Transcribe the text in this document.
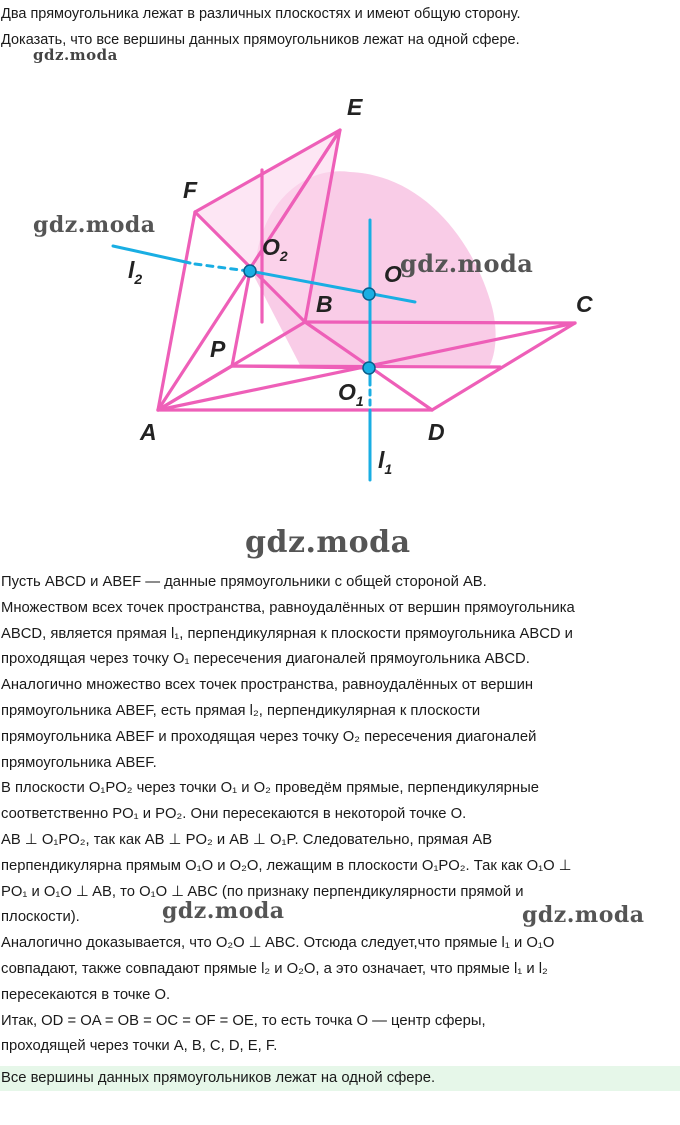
Два прямоугольника лежат в различных плоскостях и имеют общую сторону.

Доказать, что все вершины данных прямоугольников лежат на одной сфере.

gdz.moda
E
F
$O_2$
$l_2$	O
B	C
P
$O_1$
A	D
$l_1$
gdz.moda
gdz.moda
gdz.moda
Пусть ABCD и ABEF — данные прямоугольники с общей стороной AB.
Множеством всех точек пространства, равноудалённых от вершин прямоугольника
ABCD, является прямая l₁, перпендикулярная к плоскости прямоугольника ABCD и
проходящая через точку O₁ пересечения диагоналей прямоугольника ABCD.
Аналогично множество всех точек пространства, равноудалённых от вершин
прямоугольника ABEF, есть прямая l₂, перпендикулярная к плоскости
прямоугольника ABEF и проходящая через точку O₂ пересечения диагоналей
прямоугольника ABEF.
В плоскости O₁PO₂ через точки O₁ и O₂ проведём прямые, перпендикулярные
соответственно PO₁ и PO₂. Они пересекаются в некоторой точке O.
AB ⊥ O₁PO₂, так как AB ⊥ PO₂ и AB ⊥ O₁P. Следовательно, прямая AB
перпендикулярна прямым O₁O и O₂O, лежащим в плоскости O₁PO₂. Так как O₁O ⊥
PO₁ и O₁O ⊥ AB, то O₁O ⊥ ABC (по признаку перпендикулярности прямой и
плоскости).
Аналогично доказывается, что O₂O ⊥ ABC. Отсюда следует,что прямые l₁ и O₁O
совпадают, также совпадают прямые l₂ и O₂O, а это означает, что прямые l₁ и l₂
пересекаются в точке O.
Итак, OD = OA = OB = OC = OF = OE, то есть точка O — центр сферы,
проходящей через точки A, B, C, D, E, F.
gdz.moda	gdz.moda
Все вершины данных прямоугольников лежат на одной сфере.
